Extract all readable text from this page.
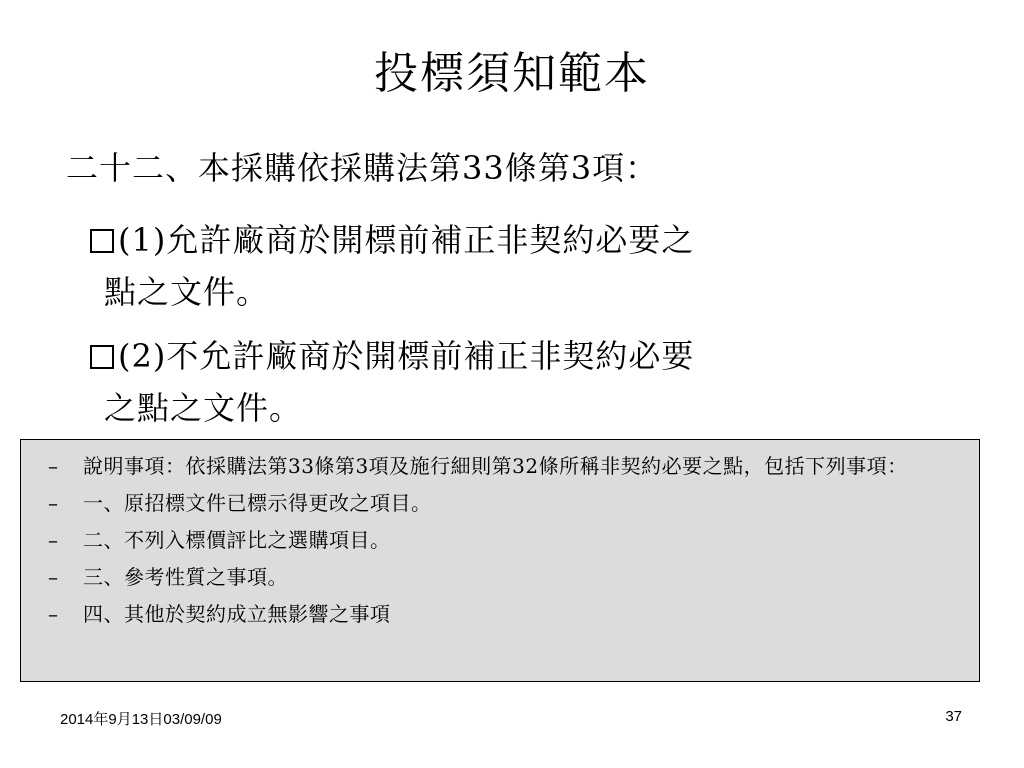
投標須知範本
二十二、本採購依採購法第33條第3項：
(1)允許廠商於開標前補正非契約必要之
點之文件。
(2)不允許廠商於開標前補正非契約必要
之點之文件。
– 說明事項：依採購法第33條第3項及施行細則第32條所稱非契約必要之點，包括下列事項：
– 一、原招標文件已標示得更改之項目。
– 二、不列入標價評比之選購項目。
– 三、參考性質之事項。
– 四、其他於契約成立無影響之事項
2014年9月13日03/09/09	37
